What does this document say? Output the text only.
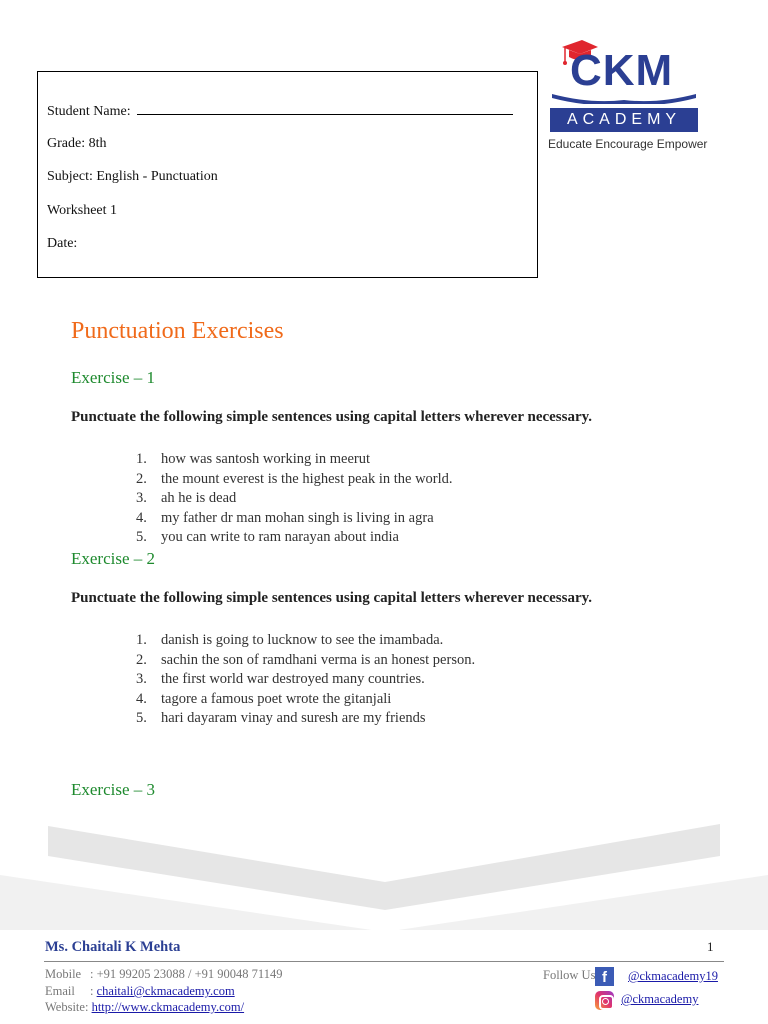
Student Name:
Grade: 8th
Subject: English - Punctuation
Worksheet 1
Date:
CKM
ACADEMY
Educate Encourage Empower
Punctuation Exercises
Exercise – 1
Punctuate the following simple sentences using capital letters wherever necessary.
1. how was santosh working in meerut
2. the mount everest is the highest peak in the world.
3. ah he is dead
4. my father dr man mohan singh is living in agra
5. you can write to ram narayan about india
Exercise – 2
Punctuate the following simple sentences using capital letters wherever necessary.
1. danish is going to lucknow to see the imambada.
2. sachin the son of ramdhani verma is an honest person.
3. the first world war destroyed many countries.
4. tagore a famous poet wrote the gitanjali
5. hari dayaram vinay and suresh are my friends
Exercise – 3
Ms. Chaitali K Mehta	1
Mobile : +91 99205 23088 / +91 90048 71149
Email : chaitali@ckmacademy.com
Website: http://www.ckmacademy.com/
Follow Us f	@ckmacademy19
@ckmacademy
